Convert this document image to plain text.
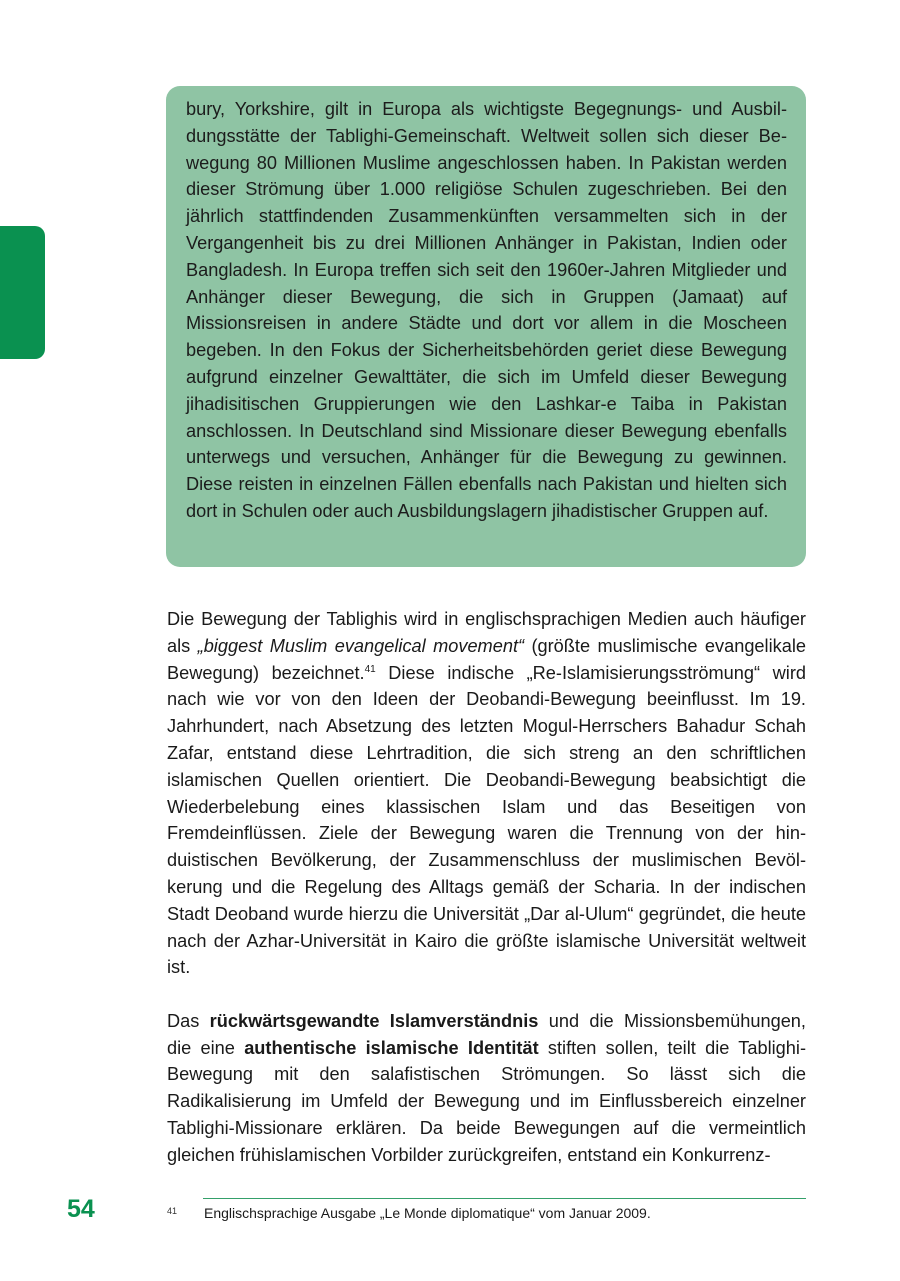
bury, Yorkshire, gilt in Europa als wichtigste Begegnungs- und Ausbildungsstätte der Tablighi-Gemeinschaft. Weltweit sollen sich dieser Bewegung 80 Millionen Muslime angeschlossen haben. In Pakistan werden dieser Strömung über 1.000 religiöse Schulen zugeschrieben. Bei den jährlich stattfindenden Zusammenkünften versammelten sich in der Vergangenheit bis zu drei Millionen Anhänger in Pakistan, Indien oder Bangladesh. In Europa treffen sich seit den 1960er-Jahren Mitglieder und Anhänger dieser Bewegung, die sich in Gruppen (Jamaat) auf Missionsreisen in andere Städte und dort vor allem in die Moscheen begeben. In den Fokus der Sicherheitsbehörden geriet diese Bewegung aufgrund einzelner Gewalttäter, die sich im Umfeld dieser Bewegung jihadisitischen Gruppierungen wie den Lashkar-e Taiba in Pakistan anschlossen. In Deutschland sind Missionare dieser Bewegung ebenfalls unterwegs und versuchen, Anhänger für die Bewegung zu gewinnen. Diese reisten in einzelnen Fällen ebenfalls nach Pakistan und hielten sich dort in Schulen oder auch Ausbildungslagern jihadistischer Gruppen auf.

Die Bewegung der Tablighis wird in englischsprachigen Medien auch häufiger als „biggest Muslim evangelical movement“ (größte muslimische evangelikale Bewegung) bezeichnet.$^{41}$ Diese indische „Re-Islamisierungsströmung“ wird nach wie vor von den Ideen der Deobandi-Bewegung beeinflusst. Im 19. Jahrhundert, nach Absetzung des letzten Mogul-Herrschers Bahadur Schah Zafar, entstand diese Lehrtradition, die sich streng an den schriftlichen islamischen Quellen orientiert. Die Deobandi-Bewegung beabsichtigt die Wiederbelebung eines klassischen Islam und das Beseitigen von Fremdeinflüssen. Ziele der Bewegung waren die Trennung von der hinduistischen Bevölkerung, der Zusammenschluss der muslimischen Bevölkerung und die Regelung des Alltags gemäß der Scharia. In der indischen Stadt Deoband wurde hierzu die Universität „Dar al-Ulum“ gegründet, die heute nach der Azhar-Universität in Kairo die größte islamische Universität weltweit ist.

Das rückwärtsgewandte Islamverständnis und die Missionsbemühungen, die eine authentische islamische Identität stiften sollen, teilt die Tablighi-Bewegung mit den salafistischen Strömungen. So lässt sich die Radikalisierung im Umfeld der Bewegung und im Einflussbereich einzelner Tablighi-Missionare erklären. Da beide Bewegungen auf die vermeintlich gleichen frühislamischen Vorbilder zurückgreifen, entstand ein Konkurrenz-

54	41 Englischsprachige Ausgabe „Le Monde diplomatique“ vom Januar 2009.
